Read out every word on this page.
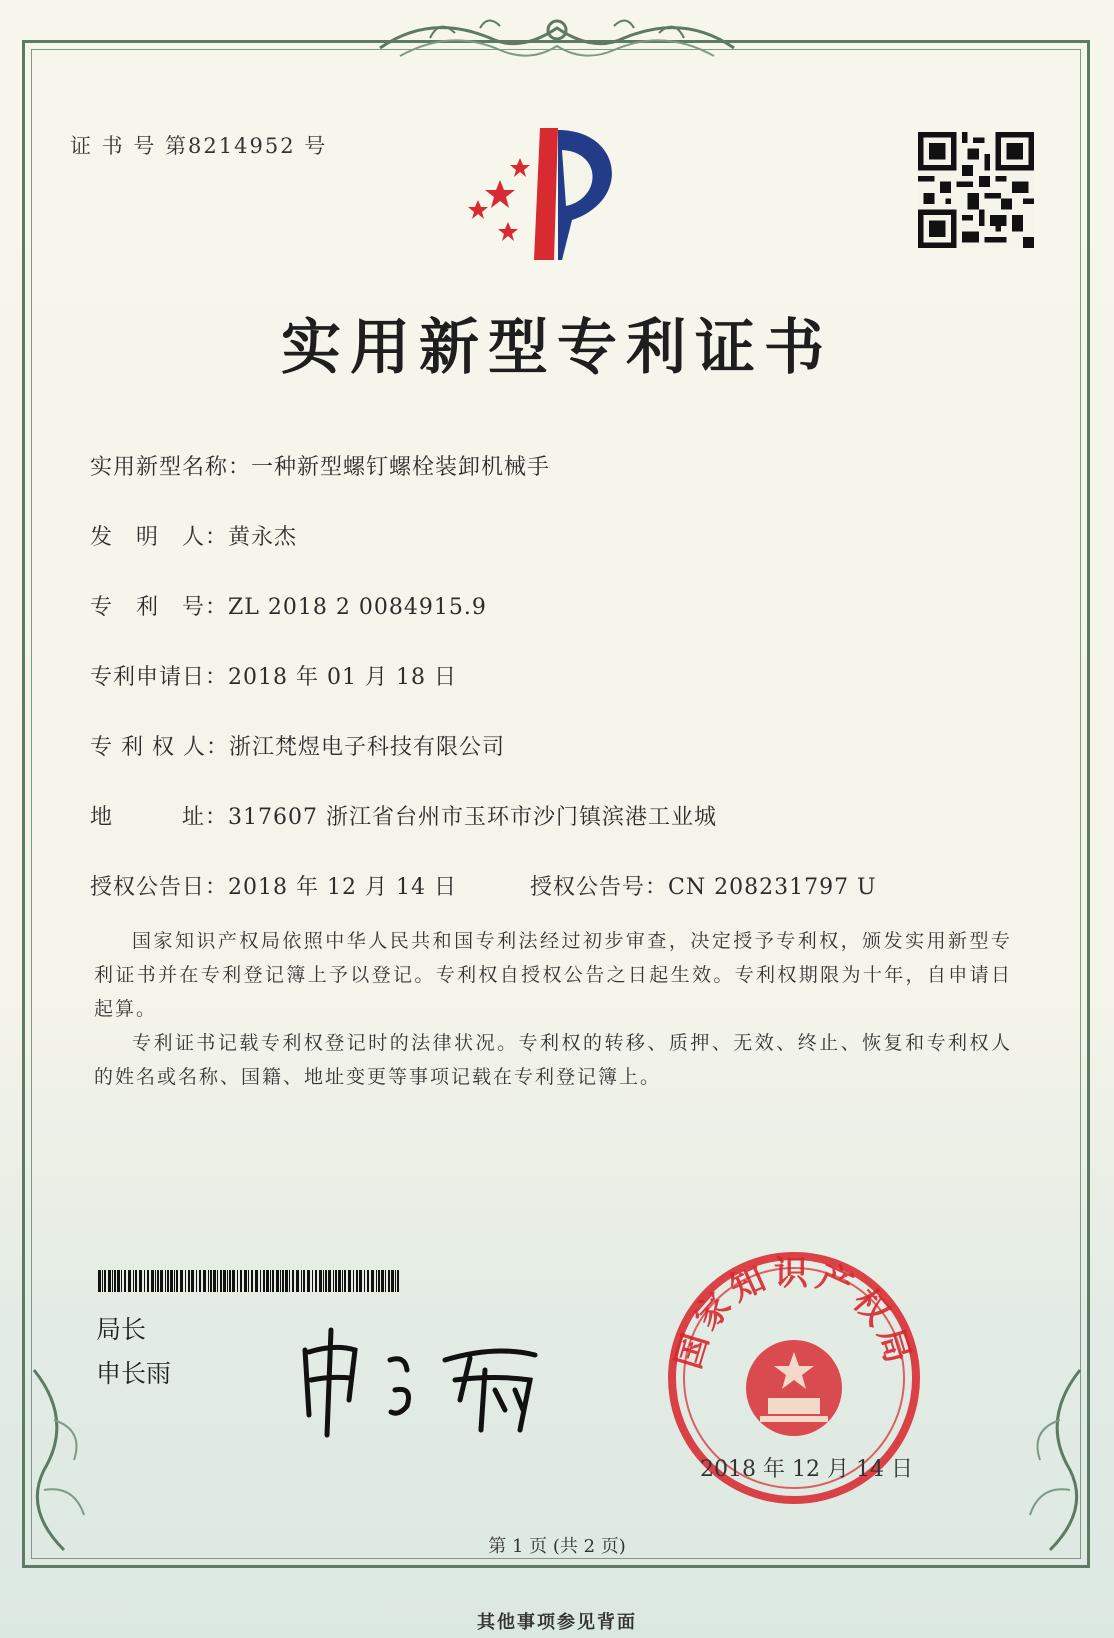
证 书 号 第8214952 号
实用新型专利证书
实用新型名称：一种新型螺钉螺栓装卸机械手
发　明　人：黄永杰
专　利　号：ZL 2018 2 0084915.9
专利申请日：2018 年 01 月 18 日
专 利 权 人：浙江梵煜电子科技有限公司
地　　　址：317607 浙江省台州市玉环市沙门镇滨港工业城
授权公告日：2018 年 12 月 14 日	授权公告号：CN 208231797 U
国家知识产权局依照中华人民共和国专利法经过初步审查，决定授予专利权，颁发实用新型专利证书并在专利登记簿上予以登记。专利权自授权公告之日起生效。专利权期限为十年，自申请日起算。
专利证书记载专利权登记时的法律状况。专利权的转移、质押、无效、终止、恢复和专利权人的姓名或名称、国籍、地址变更等事项记载在专利登记簿上。
局长
申长雨
国家知识产权局
2018 年 12 月 14 日
第 1 页 (共 2 页)
其他事项参见背面
